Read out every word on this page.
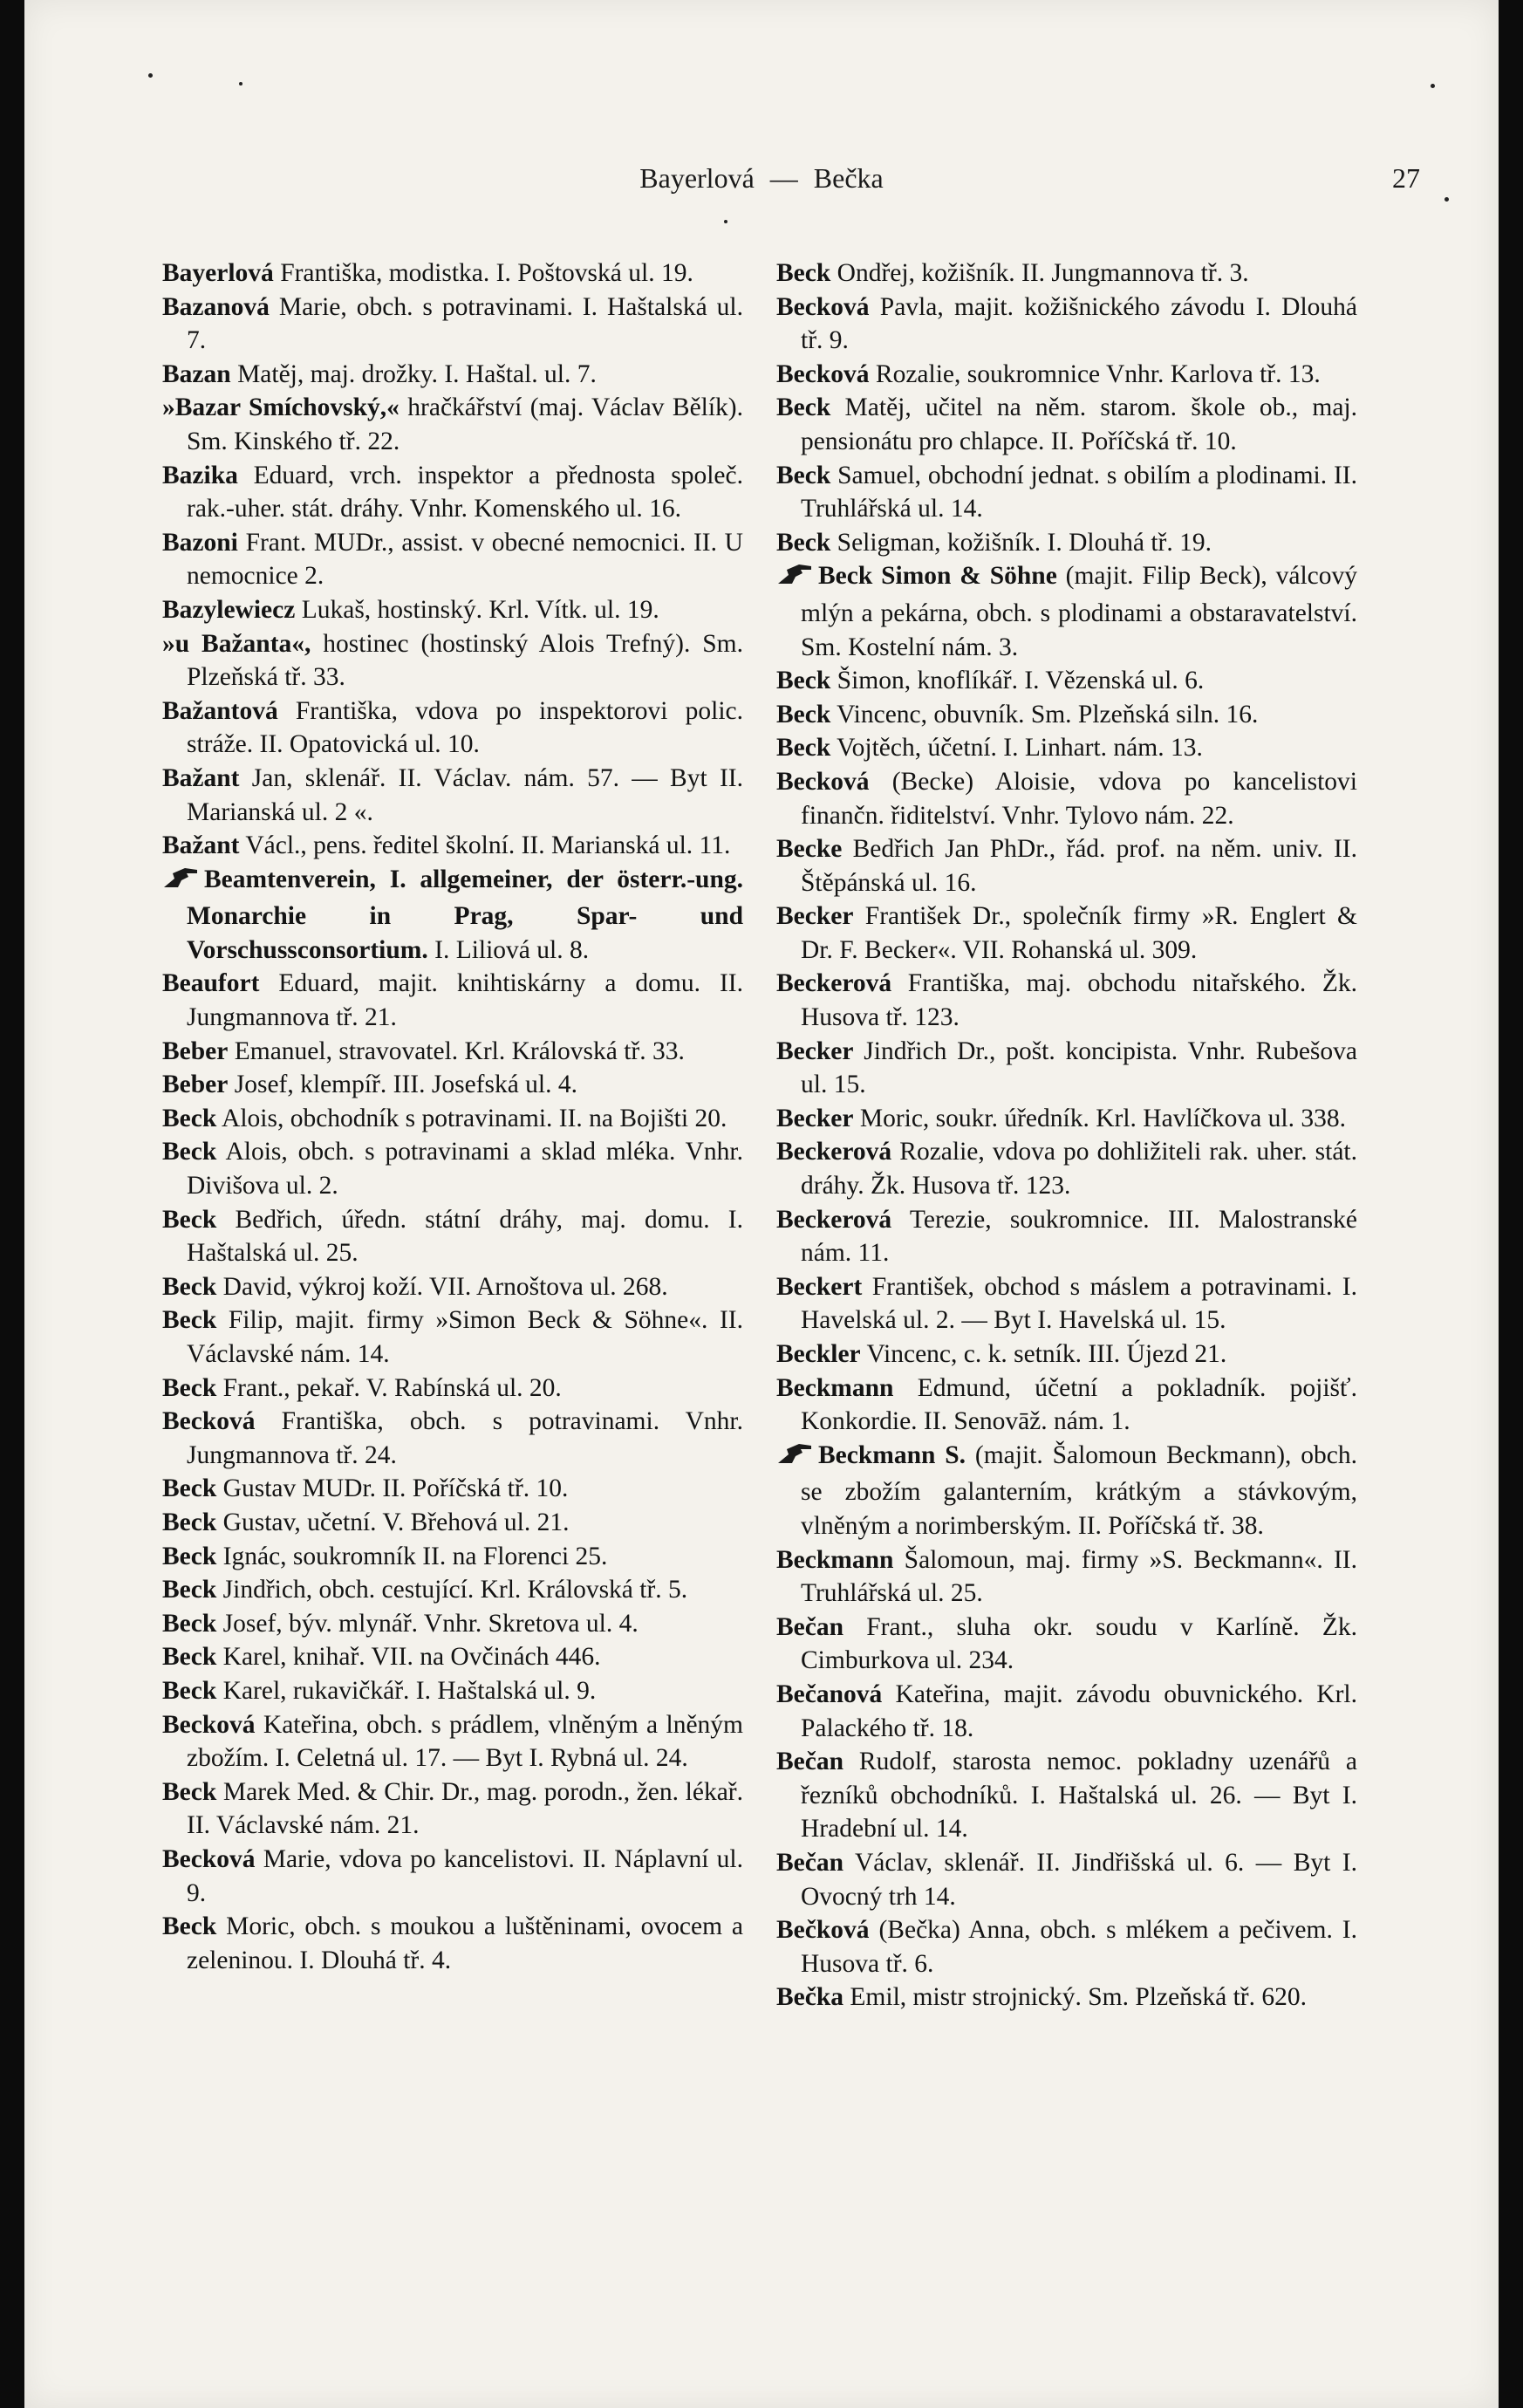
Bayerlová — Bečka	27

Bayerlová Františka, modistka. I. Poštovská ul. 19.

Bazanová Marie, obch. s potravinami. I. Haštalská ul. 7.

Bazan Matěj, maj. drožky. I. Haštal. ul. 7.

»Bazar Smíchovský,« hračkářství (maj. Václav Bělík). Sm. Kinského tř. 22.

Bazika Eduard, vrch. inspektor a přednosta společ. rak.-uher. stát. dráhy. Vnhr. Komenského ul. 16.

Bazoni Frant. MUDr., assist. v obecné nemocnici. II. U nemocnice 2.

Bazylewiecz Lukaš, hostinský. Krl. Vítk. ul. 19.

»u Bažanta«, hostinec (hostinský Alois Trefný). Sm. Plzeňská tř. 33.

Bažantová Františka, vdova po inspektorovi polic. stráže. II. Opatovická ul. 10.

Bažant Jan, sklenář. II. Václav. nám. 57. — Byt II. Marianská ul. 2 «.

Bažant Václ., pens. ředitel školní. II. Marianská ul. 11.

Beamtenverein, I. allgemeiner, der österr.-ung. Monarchie in Prag, Spar- und Vorschussconsortium. I. Liliová ul. 8.

Beaufort Eduard, majit. knihtiskárny a domu. II. Jungmannova tř. 21.

Beber Emanuel, stravovatel. Krl. Královská tř. 33.

Beber Josef, klempíř. III. Josefská ul. 4.

Beck Alois, obchodník s potravinami. II. na Bojišti 20.

Beck Alois, obch. s potravinami a sklad mléka. Vnhr. Divišova ul. 2.

Beck Bedřich, úředn. státní dráhy, maj. domu. I. Haštalská ul. 25.

Beck David, výkroj koží. VII. Arnoštova ul. 268.

Beck Filip, majit. firmy »Simon Beck & Söhne«. II. Václavské nám. 14.

Beck Frant., pekař. V. Rabínská ul. 20.

Becková Františka, obch. s potravinami. Vnhr. Jungmannova tř. 24.

Beck Gustav MUDr. II. Poříčská tř. 10.

Beck Gustav, učetní. V. Břehová ul. 21.

Beck Ignác, soukromník II. na Florenci 25.

Beck Jindřich, obch. cestující. Krl. Královská tř. 5.

Beck Josef, býv. mlynář. Vnhr. Skretova ul. 4.

Beck Karel, knihař. VII. na Ovčinách 446.

Beck Karel, rukavičkář. I. Haštalská ul. 9.

Becková Kateřina, obch. s prádlem, vlněným a lněným zbožím. I. Celetná ul. 17. — Byt I. Rybná ul. 24.

Beck Marek Med. & Chir. Dr., mag. porodn., žen. lékař. II. Václavské nám. 21.

Becková Marie, vdova po kancelistovi. II. Náplavní ul. 9.

Beck Moric, obch. s moukou a luštěninami, ovocem a zeleninou. I. Dlouhá tř. 4.

Beck Ondřej, kožišník. II. Jungmannova tř. 3.

Becková Pavla, majit. kožišnického závodu I. Dlouhá tř. 9.

Becková Rozalie, soukromnice Vnhr. Karlova tř. 13.

Beck Matěj, učitel na něm. starom. škole ob., maj. pensionátu pro chlapce. II. Poříčská tř. 10.

Beck Samuel, obchodní jednat. s obilím a plodinami. II. Truhlářská ul. 14.

Beck Seligman, kožišník. I. Dlouhá tř. 19.

Beck Simon & Söhne (majit. Filip Beck), válcový mlýn a pekárna, obch. s plodinami a obstaravatelství. Sm. Kostelní nám. 3.

Beck Šimon, knoflíkář. I. Vězenská ul. 6.

Beck Vincenc, obuvník. Sm. Plzeňská siln. 16.

Beck Vojtěch, účetní. I. Linhart. nám. 13.

Becková (Becke) Aloisie, vdova po kancelistovi finančn. řiditelství. Vnhr. Tylovo nám. 22.

Becke Bedřich Jan PhDr., řád. prof. na něm. univ. II. Štěpánská ul. 16.

Becker František Dr., společník firmy »R. Englert & Dr. F. Becker«. VII. Rohanská ul. 309.

Beckerová Františka, maj. obchodu nitařského. Žk. Husova tř. 123.

Becker Jindřich Dr., pošt. koncipista. Vnhr. Rubešova ul. 15.

Becker Moric, soukr. úředník. Krl. Havlíčkova ul. 338.

Beckerová Rozalie, vdova po dohližiteli rak. uher. stát. dráhy. Žk. Husova tř. 123.

Beckerová Terezie, soukromnice. III. Malostranské nám. 11.

Beckert František, obchod s máslem a potravinami. I. Havelská ul. 2. — Byt I. Havelská ul. 15.

Beckler Vincenc, c. k. setník. III. Újezd 21.

Beckmann Edmund, účetní a pokladník. pojišť. Konkordie. II. Senovāž. nám. 1.

Beckmann S. (majit. Šalomoun Beckmann), obch. se zbožím galanterním, krátkým a stávkovým, vlněným a norimberským. II. Poříčská tř. 38.

Beckmann Šalomoun, maj. firmy »S. Beckmann«. II. Truhlářská ul. 25.

Bečan Frant., sluha okr. soudu v Karlíně. Žk. Cimburkova ul. 234.

Bečanová Kateřina, majit. závodu obuvnického. Krl. Palackého tř. 18.

Bečan Rudolf, starosta nemoc. pokladny uzenářů a řezníků obchodníků. I. Haštalská ul. 26. — Byt I. Hradební ul. 14.

Bečan Václav, sklenář. II. Jindřišská ul. 6. — Byt I. Ovocný trh 14.

Bečková (Bečka) Anna, obch. s mlékem a pečivem. I. Husova tř. 6.

Bečka Emil, mistr strojnický. Sm. Plzeňská tř. 620.
